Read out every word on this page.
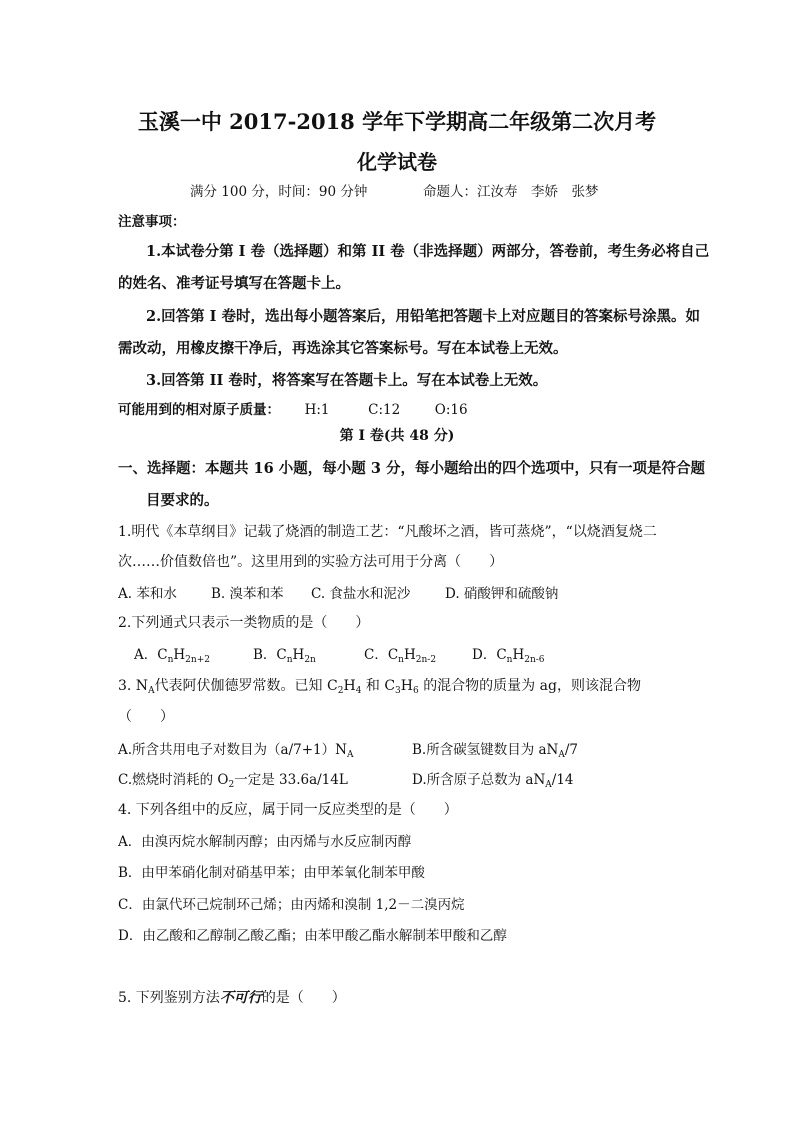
玉溪一中 2017-2018 学年下学期高二年级第二次月考
化学试卷
满分 100 分，时间：90 分钟	命题人：江汝寿　李娇　张梦
注意事项：
1.本试卷分第 I 卷（选择题）和第 II 卷（非选择题）两部分，答卷前，考生务必将自己
的姓名、准考证号填写在答题卡上。
2.回答第 I 卷时，选出每小题答案后，用铅笔把答题卡上对应题目的答案标号涂黑。如
需改动，用橡皮擦干净后，再选涂其它答案标号。写在本试卷上无效。
3.回答第 II 卷时，将答案写在答题卡上。写在本试卷上无效。
可能用到的相对原子质量： H:1	C:12	O:16
第 I 卷(共 48 分)
一、选择题：本题共 16 小题，每小题 3 分，每小题给出的四个选项中，只有一项是符合题
目要求的。
1.明代《本草纲目》记载了烧酒的制造工艺：“凡酸坏之酒，皆可蒸烧”，“以烧酒复烧二
次……价值数倍也”。这里用到的实验方法可用于分离（　　）
A. 苯和水	B. 溴苯和苯 C. 食盐水和泥沙	D. 硝酸钾和硫酸钠
2.下列通式只表示一类物质的是（　　）
A．$C_nH_{2n+2}$	B．$C_nH_{2n}$	C．$C_nH_{2n-2}$	D．$C_nH_{2n-6}$
3. $N_A$代表阿伏伽德罗常数。已知 $C_2H_4$ 和 $C_3H_6$ 的混合物的质量为 ag，则该混合物
（　　）
A.所含共用电子对数目为$(a/7+1)N_A$	B.所含碳氢键数目为 $aN_A/7$
C.燃烧时消耗的 $O_2$一定是 33.6a/14L	D.所含原子总数为 $aN_A/14$
4. 下列各组中的反应，属于同一反应类型的是（　　）
A．由溴丙烷水解制丙醇；由丙烯与水反应制丙醇
B．由甲苯硝化制对硝基甲苯；由甲苯氧化制苯甲酸
C．由氯代环己烷制环己烯；由丙烯和溴制 1,2－二溴丙烷
D．由乙酸和乙醇制乙酸乙酯；由苯甲酸乙酯水解制苯甲酸和乙醇
5. 下列鉴别方法不可行的是（　　）
